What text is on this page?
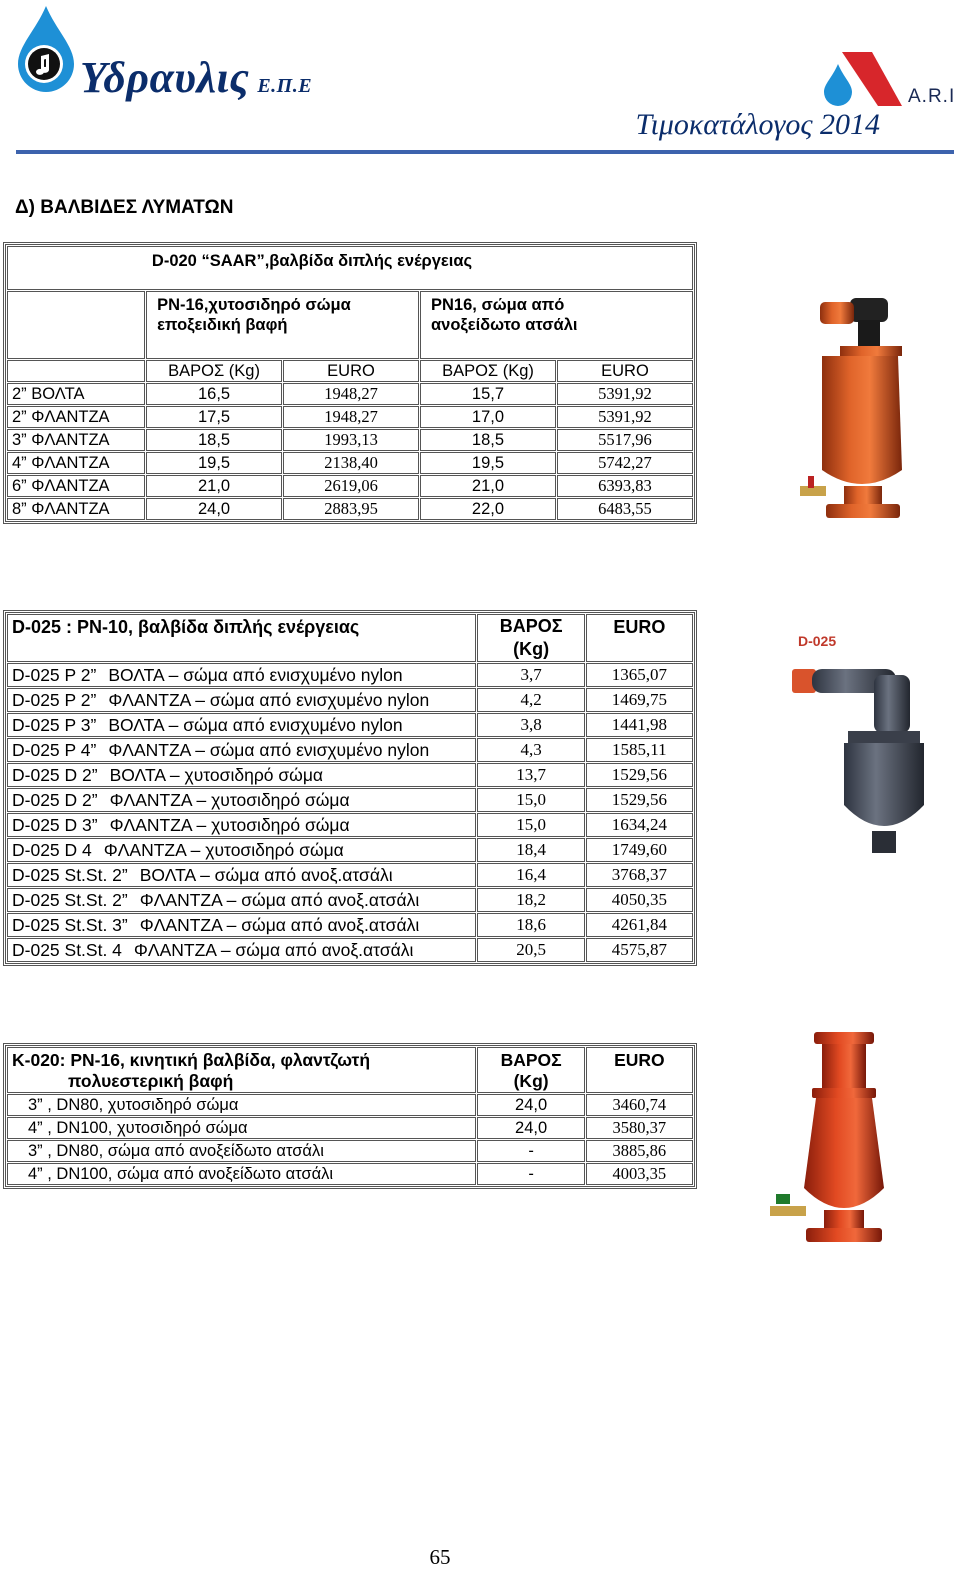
Υδραυλις Ε.Π.Ε
Τιμοκατάλογος 2014
A.R.I
Δ) ΒΑΛΒΙΔΕΣ ΛΥΜΑΤΩΝ
D-020 “SAAR”,βαλβίδα διπλής ενέργειας				
	PN-16,χυτοσιδηρό σώμα εποξειδική βαφή		PN16, σώμα από ανοξείδωτο ατσάλι	
	ΒΑΡΟΣ (Kg)	EURO	ΒΑΡΟΣ (Kg)	EURO
2” ΒΟΛΤΑ	16,5	1948,27	15,7	5391,92
2” ΦΛΑΝΤΖΑ	17,5	1948,27	17,0	5391,92
3” ΦΛΑΝΤΖΑ	18,5	1993,13	18,5	5517,96
4” ΦΛΑΝΤΖΑ	19,5	2138,40	19,5	5742,27
6” ΦΛΑΝΤΖΑ	21,0	2619,06	21,0	6393,83
8” ΦΛΑΝΤΖΑ	24,0	2883,95	22,0	6483,55
D-025 : PN-10, βαλβίδα διπλής ενέργειας	ΒΑΡΟΣ (Kg)	EURO
D-025 P 2” ΒΟΛΤΑ – σώμα από ενισχυμένο nylon	3,7	1365,07
D-025 P 2” ΦΛΑΝΤΖΑ – σώμα από ενισχυμένο nylon	4,2	1469,75
D-025 P 3” ΒΟΛΤΑ – σώμα από ενισχυμένο nylon	3,8	1441,98
D-025 P 4” ΦΛΑΝΤΖΑ – σώμα από ενισχυμένο nylon	4,3	1585,11
D-025 D 2” ΒΟΛΤΑ – χυτοσιδηρό σώμα	13,7	1529,56
D-025 D 2” ΦΛΑΝΤΖΑ – χυτοσιδηρό σώμα	15,0	1529,56
D-025 D 3” ΦΛΑΝΤΖΑ – χυτοσιδηρό σώμα	15,0	1634,24
D-025 D 4 ΦΛΑΝΤΖΑ – χυτοσιδηρό σώμα	18,4	1749,60
D-025 St.St. 2” ΒΟΛΤΑ – σώμα από ανοξ.ατσάλι	16,4	3768,37
D-025 St.St. 2” ΦΛΑΝΤΖΑ – σώμα από ανοξ.ατσάλι	18,2	4050,35
D-025 St.St. 3” ΦΛΑΝΤΖΑ – σώμα από ανοξ.ατσάλι	18,6	4261,84
D-025 St.St. 4 ΦΛΑΝΤΖΑ – σώμα από ανοξ.ατσάλι	20,5	4575,87
D-025
K-020: PN-16, κινητική βαλβίδα, φλαντζωτή
πολυεστερική βαφή	ΒΑΡΟΣ (Kg)	EURO
3” , DN80, χυτοσιδηρό σώμα	24,0	3460,74
4” , DN100, χυτοσιδηρό σώμα	24,0	3580,37
3” , DN80, σώμα από ανοξείδωτο ατσάλι	-	3885,86
4” , DN100, σώμα από ανοξείδωτο ατσάλι	-	4003,35
65
